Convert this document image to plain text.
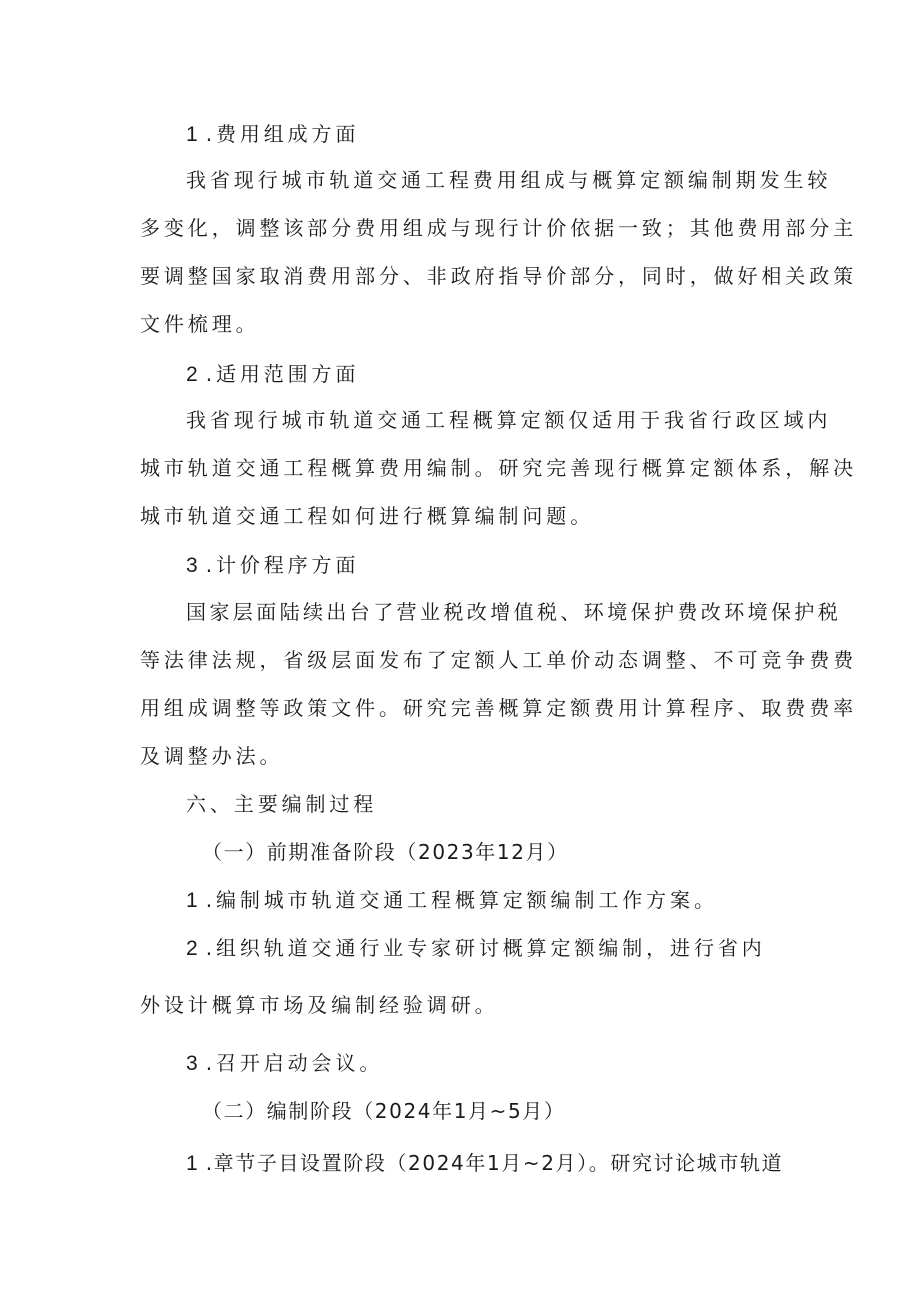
1 .费用组成方面
我省现行城市轨道交通工程费用组成与概算定额编制期发生较
多变化，调整该部分费用组成与现行计价依据一致；其他费用部分主
要调整国家取消费用部分、非政府指导价部分，同时，做好相关政策
文件梳理。
2 .适用范围方面
我省现行城市轨道交通工程概算定额仅适用于我省行政区域内
城市轨道交通工程概算费用编制。研究完善现行概算定额体系，解决
城市轨道交通工程如何进行概算编制问题。
3 .计价程序方面
国家层面陆续出台了营业税改增值税、环境保护费改环境保护税
等法律法规，省级层面发布了定额人工单价动态调整、不可竞争费费
用组成调整等政策文件。研究完善概算定额费用计算程序、取费费率
及调整办法。
六、主要编制过程
（一）前期准备阶段（2023年12月）
1 .编制城市轨道交通工程概算定额编制工作方案。
2 .组织轨道交通行业专家研讨概算定额编制，进行省内
外设计概算市场及编制经验调研。
3 .召开启动会议。
（二）编制阶段（2024年1月~5月）
1 .章节子目设置阶段（2024年1月~2月）。研究讨论城市轨道
